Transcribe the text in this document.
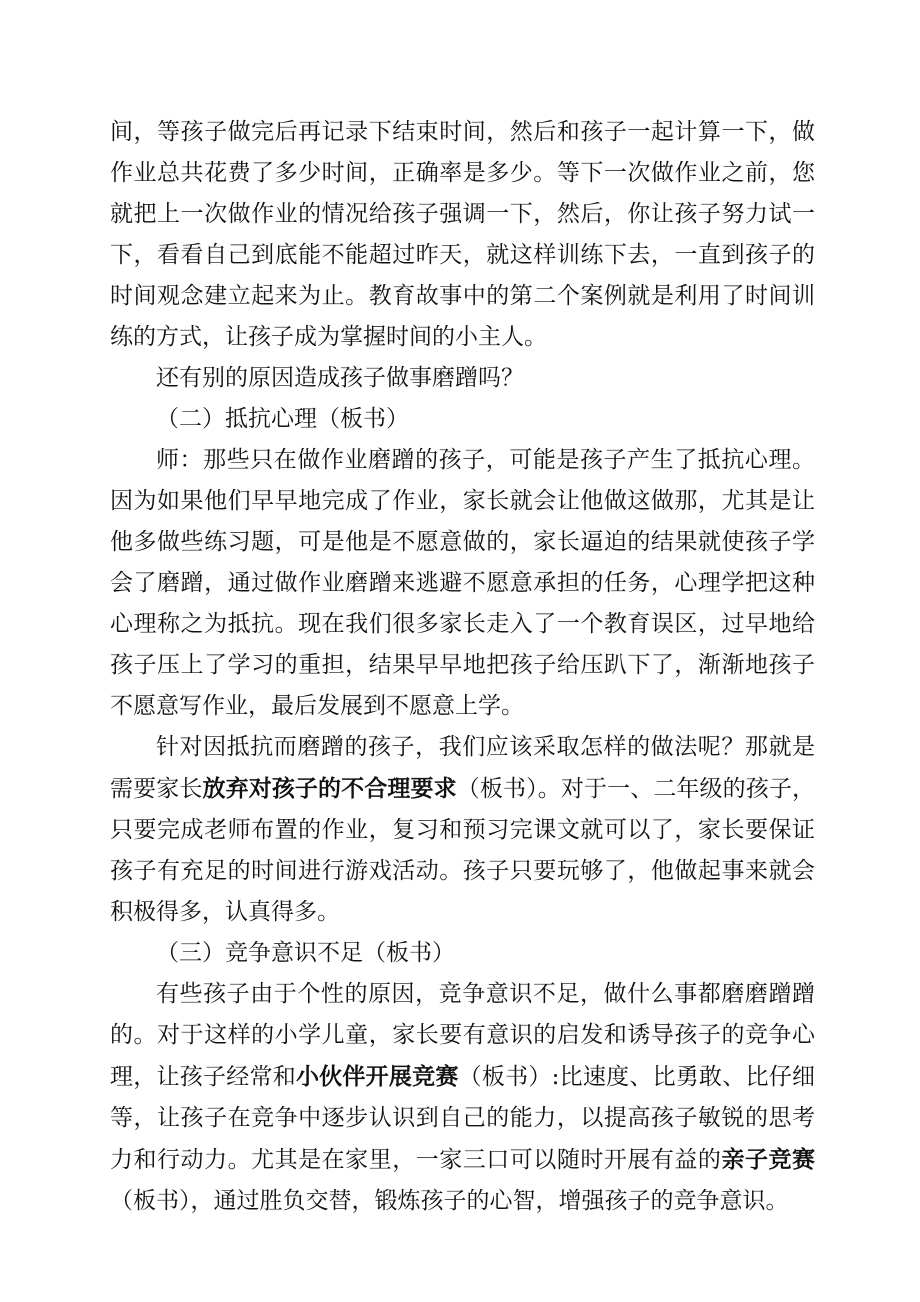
间，等孩子做完后再记录下结束时间，然后和孩子一起计算一下，做作业总共花费了多少时间，正确率是多少。等下一次做作业之前，您就把上一次做作业的情况给孩子强调一下，然后，你让孩子努力试一下，看看自己到底能不能超过昨天，就这样训练下去，一直到孩子的时间观念建立起来为止。教育故事中的第二个案例就是利用了时间训练的方式，让孩子成为掌握时间的小主人。

还有别的原因造成孩子做事磨蹭吗？

（二）抵抗心理（板书）

师：那些只在做作业磨蹭的孩子，可能是孩子产生了抵抗心理。因为如果他们早早地完成了作业，家长就会让他做这做那，尤其是让他多做些练习题，可是他是不愿意做的，家长逼迫的结果就使孩子学会了磨蹭，通过做作业磨蹭来逃避不愿意承担的任务，心理学把这种心理称之为抵抗。现在我们很多家长走入了一个教育误区，过早地给孩子压上了学习的重担，结果早早地把孩子给压趴下了，渐渐地孩子不愿意写作业，最后发展到不愿意上学。

针对因抵抗而磨蹭的孩子，我们应该采取怎样的做法呢？那就是需要家长放弃对孩子的不合理要求（板书）。对于一、二年级的孩子，只要完成老师布置的作业，复习和预习完课文就可以了，家长要保证孩子有充足的时间进行游戏活动。孩子只要玩够了，他做起事来就会积极得多，认真得多。

（三）竞争意识不足（板书）

有些孩子由于个性的原因，竞争意识不足，做什么事都磨磨蹭蹭的。对于这样的小学儿童，家长要有意识的启发和诱导孩子的竞争心理，让孩子经常和小伙伴开展竞赛（板书）:比速度、比勇敢、比仔细等，让孩子在竞争中逐步认识到自己的能力，以提高孩子敏锐的思考力和行动力。尤其是在家里，一家三口可以随时开展有益的亲子竞赛（板书），通过胜负交替，锻炼孩子的心智，增强孩子的竞争意识。
